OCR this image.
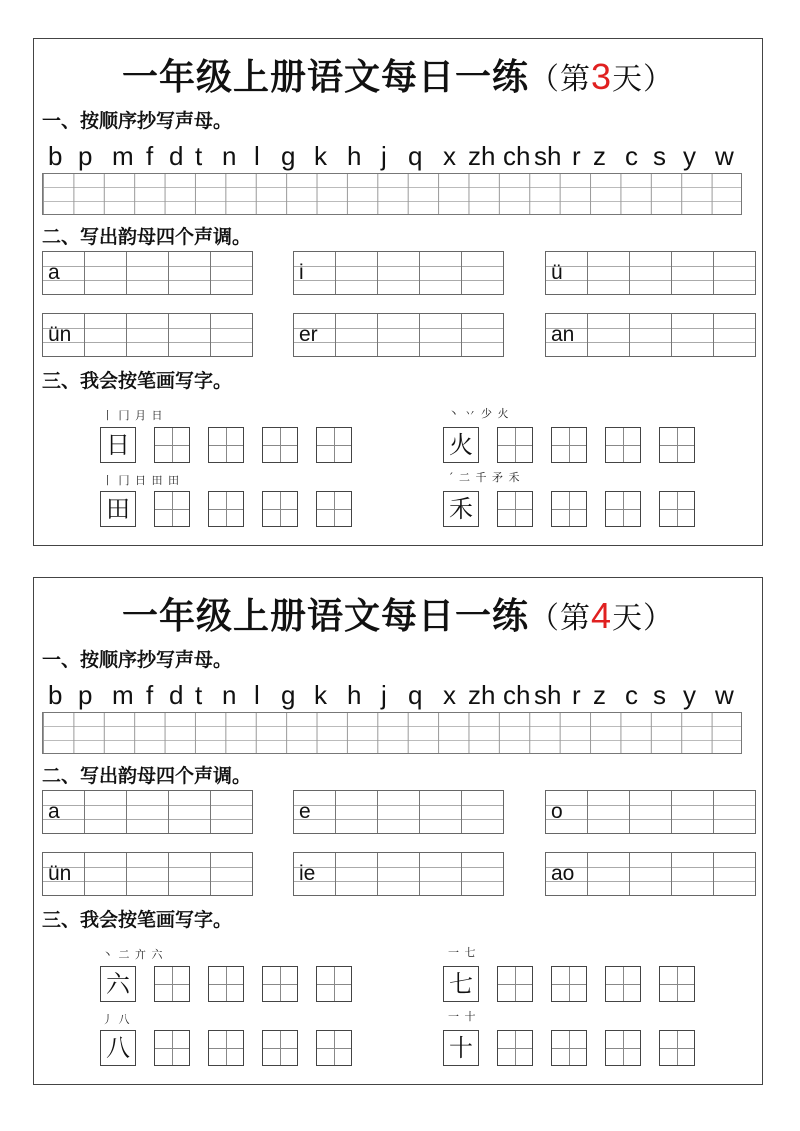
一年级上册语文每日一练（第3天）
一、按顺序抄写声母。
b p m f d t n l g k h j q x zh ch sh r z c s y w
二、写出韵母四个声调。
a	i	ü
ün	er	an
三、我会按笔画写字。
丨 冂 月 日
日
丶 丷 少 火
火
丨 冂 日 田 田
田
ˊ 二 千 矛 禾
禾
一年级上册语文每日一练（第4天）
一、按顺序抄写声母。
b p m f d t n l g k h j q x zh ch sh r z c s y w
二、写出韵母四个声调。
a	e	o
ün	ie	ao
三、我会按笔画写字。
丶 二 亣 六
六
一 七
七
丿 八
八
一 十
十
